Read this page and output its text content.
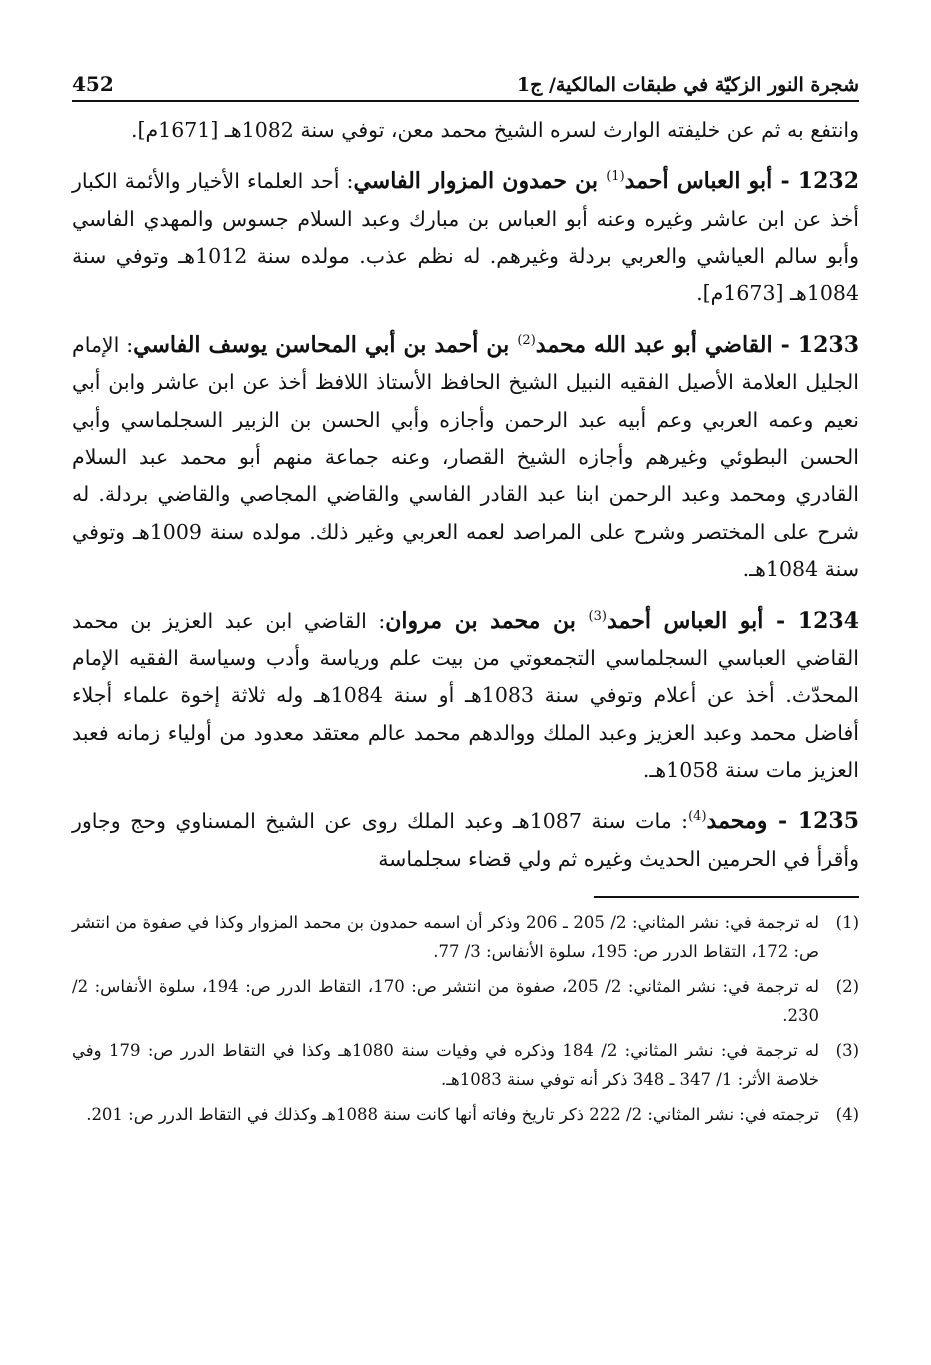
شجرة النور الزكيّة في طبقات المالكية/ ج1
452

وانتفع به ثم عن خليفته الوارث لسره الشيخ محمد معن، توفي سنة 1082هـ [1671م].

1232 - أبو العباس أحمد$^{(1)}$ بن حمدون المزوار الفاسي: أحد العلماء الأخيار والأئمة الكبار أخذ عن ابن عاشر وغيره وعنه أبو العباس بن مبارك وعبد السلام جسوس والمهدي الفاسي وأبو سالم العياشي والعربي بردلة وغيرهم. له نظم عذب. مولده سنة 1012هـ وتوفي سنة 1084هـ [1673م].

1233 - القاضي أبو عبد الله محمد$^{(2)}$ بن أحمد بن أبي المحاسن يوسف الفاسي: الإمام الجليل العلامة الأصيل الفقيه النبيل الشيخ الحافظ الأستاذ اللافظ أخذ عن ابن عاشر وابن أبي نعيم وعمه العربي وعم أبيه عبد الرحمن وأجازه وأبي الحسن بن الزبير السجلماسي وأبي الحسن البطوئي وغيرهم وأجازه الشيخ القصار، وعنه جماعة منهم أبو محمد عبد السلام القادري ومحمد وعبد الرحمن ابنا عبد القادر الفاسي والقاضي المجاصي والقاضي بردلة. له شرح على المختصر وشرح على المراصد لعمه العربي وغير ذلك. مولده سنة 1009هـ وتوفي سنة 1084هـ.

1234 - أبو العباس أحمد$^{(3)}$ بن محمد بن مروان: القاضي ابن عبد العزيز بن محمد القاضي العباسي السجلماسي التجمعوتي من بيت علم ورياسة وأدب وسياسة الفقيه الإمام المحدّث. أخذ عن أعلام وتوفي سنة 1083هـ أو سنة 1084هـ وله ثلاثة إخوة علماء أجلاء أفاضل محمد وعبد العزيز وعبد الملك ووالدهم محمد عالم معتقد معدود من أولياء زمانه فعبد العزيز مات سنة 1058هـ.

1235 - ومحمد$^{(4)}$: مات سنة 1087هـ وعبد الملك روى عن الشيخ المسناوي وحج وجاور وأقرأ في الحرمين الحديث وغيره ثم ولي قضاء سجلماسة

(1)
له ترجمة في: نشر المثاني: 2/ 205 ـ 206 وذكر أن اسمه حمدون بن محمد المزوار وكذا في صفوة من انتشر ص: 172، التقاط الدرر ص: 195، سلوة الأنفاس: 3/ 77.
(2)
له ترجمة في: نشر المثاني: 2/ 205، صفوة من انتشر ص: 170، التقاط الدرر ص: 194، سلوة الأنفاس: 2/ 230.
(3)
له ترجمة في: نشر المثاني: 2/ 184 وذكره في وفيات سنة 1080هـ وكذا في التقاط الدرر ص: 179 وفي خلاصة الأثر: 1/ 347 ـ 348 ذكر أنه توفي سنة 1083هـ.
(4)
ترجمته في: نشر المثاني: 2/ 222 ذكر تاريخ وفاته أنها كانت سنة 1088هـ وكذلك في التقاط الدرر ص: 201.
